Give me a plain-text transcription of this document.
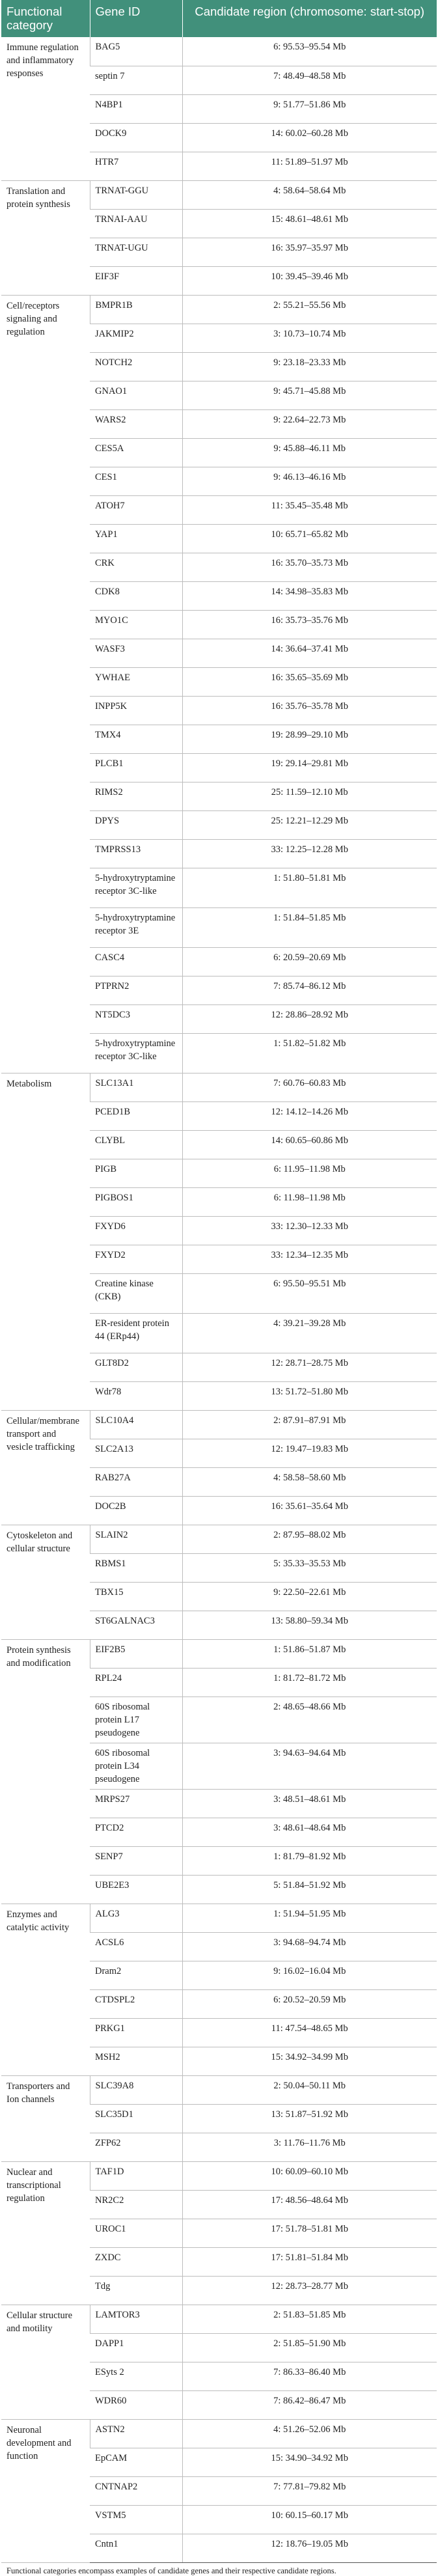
Functional category	Gene ID	Candidate region (chromosome: start-stop)
Immune regulation and inflammatory responses	BAG5	6: 95.53–95.54 Mb
	septin 7	7: 48.49–48.58 Mb
	N4BP1	9: 51.77–51.86 Mb
	DOCK9	14: 60.02–60.28 Mb
	HTR7	11: 51.89–51.97 Mb
Translation and protein synthesis	TRNAT-GGU	4: 58.64–58.64 Mb
	TRNAI-AAU	15: 48.61–48.61 Mb
	TRNAT-UGU	16: 35.97–35.97 Mb
	EIF3F	10: 39.45–39.46 Mb
Cell/receptors signaling and regulation	BMPR1B	2: 55.21–55.56 Mb
	JAKMIP2	3: 10.73–10.74 Mb
	NOTCH2	9: 23.18–23.33 Mb
	GNAO1	9: 45.71–45.88 Mb
	WARS2	9: 22.64–22.73 Mb
	CES5A	9: 45.88–46.11 Mb
	CES1	9: 46.13–46.16 Mb
	ATOH7	11: 35.45–35.48 Mb
	YAP1	10: 65.71–65.82 Mb
	CRK	16: 35.70–35.73 Mb
	CDK8	14: 34.98–35.83 Mb
	MYO1C	16: 35.73–35.76 Mb
	WASF3	14: 36.64–37.41 Mb
	YWHAE	16: 35.65–35.69 Mb
	INPP5K	16: 35.76–35.78 Mb
	TMX4	19: 28.99–29.10 Mb
	PLCB1	19: 29.14–29.81 Mb
	RIMS2	25: 11.59–12.10 Mb
	DPYS	25: 12.21–12.29 Mb
	TMPRSS13	33: 12.25–12.28 Mb
	5-hydroxytryptamine receptor 3C-like	1: 51.80–51.81 Mb
	5-hydroxytryptamine receptor 3E	1: 51.84–51.85 Mb
	CASC4	6: 20.59–20.69 Mb
	PTPRN2	7: 85.74–86.12 Mb
	NT5DC3	12: 28.86–28.92 Mb
	5-hydroxytryptamine receptor 3C-like	1: 51.82–51.82 Mb
Metabolism	SLC13A1	7: 60.76–60.83 Mb
	PCED1B	12: 14.12–14.26 Mb
	CLYBL	14: 60.65–60.86 Mb
	PIGB	6: 11.95–11.98 Mb
	PIGBOS1	6: 11.98–11.98 Mb
	FXYD6	33: 12.30–12.33 Mb
	FXYD2	33: 12.34–12.35 Mb
	Creatine kinase (CKB)	6: 95.50–95.51 Mb
	ER-resident protein 44 (ERp44)	4: 39.21–39.28 Mb
	GLT8D2	12: 28.71–28.75 Mb
	Wdr78	13: 51.72–51.80 Mb
Cellular/membrane transport and vesicle trafficking	SLC10A4	2: 87.91–87.91 Mb
	SLC2A13	12: 19.47–19.83 Mb
	RAB27A	4: 58.58–58.60 Mb
	DOC2B	16: 35.61–35.64 Mb
Cytoskeleton and cellular structure	SLAIN2	2: 87.95–88.02 Mb
	RBMS1	5: 35.33–35.53 Mb
	TBX15	9: 22.50–22.61 Mb
	ST6GALNAC3	13: 58.80–59.34 Mb
Protein synthesis and modification	EIF2B5	1: 51.86–51.87 Mb
	RPL24	1: 81.72–81.72 Mb
	60S ribosomal protein L17 pseudogene	2: 48.65–48.66 Mb
	60S ribosomal protein L34 pseudogene	3: 94.63–94.64 Mb
	MRPS27	3: 48.51–48.61 Mb
	PTCD2	3: 48.61–48.64 Mb
	SENP7	1: 81.79–81.92 Mb
	UBE2E3	5: 51.84–51.92 Mb
Enzymes and catalytic activity	ALG3	1: 51.94–51.95 Mb
	ACSL6	3: 94.68–94.74 Mb
	Dram2	9: 16.02–16.04 Mb
	CTDSPL2	6: 20.52–20.59 Mb
	PRKG1	11: 47.54–48.65 Mb
	MSH2	15: 34.92–34.99 Mb
Transporters and Ion channels	SLC39A8	2: 50.04–50.11 Mb
	SLC35D1	13: 51.87–51.92 Mb
	ZFP62	3: 11.76–11.76 Mb
Nuclear and transcriptional regulation	TAF1D	10: 60.09–60.10 Mb
	NR2C2	17: 48.56–48.64 Mb
	UROC1	17: 51.78–51.81 Mb
	ZXDC	17: 51.81–51.84 Mb
	Tdg	12: 28.73–28.77 Mb
Cellular structure and motility	LAMTOR3	2: 51.83–51.85 Mb
	DAPP1	2: 51.85–51.90 Mb
	ESyts 2	7: 86.33–86.40 Mb
	WDR60	7: 86.42–86.47 Mb
Neuronal development and function	ASTN2	4: 51.26–52.06 Mb
	EpCAM	15: 34.90–34.92 Mb
	CNTNAP2	7: 77.81–79.82 Mb
	VSTM5	10: 60.15–60.17 Mb
	Cntn1	12: 18.76–19.05 Mb
Functional categories encompass examples of candidate genes and their respective candidate regions.
